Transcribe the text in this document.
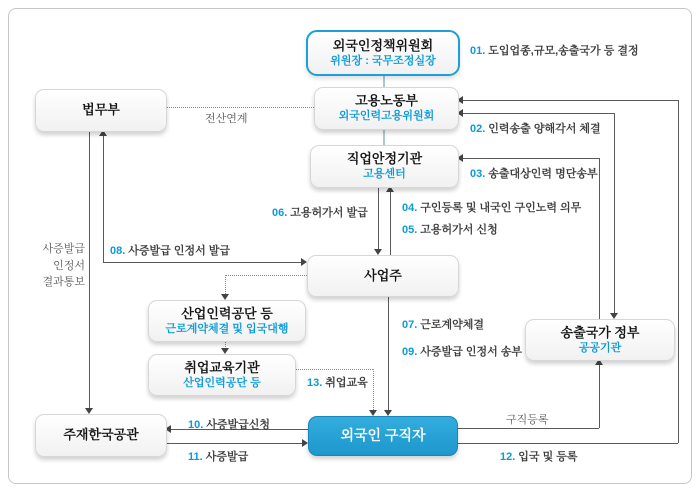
외국인정책위원회
위원장 : 국무조정실장
고용노동부
외국인력고용위원회
법무부
직업안정기관
고용센터
사업주
산업인력공단 등
근로계약체결 및 입국대행
취업교육기관
산업인력공단 등
주재한국공관	외국인 구직자
송출국가 정부
공공기관
01. 도입업종,규모,송출국가 등 결정
02. 인력송출 양해각서 체결
03. 송출대상인력 명단송부
04. 구인등록 및 내국인 구인노력 의무
05. 고용허가서 신청
06. 고용허가서 발급
07. 근로계약체결
08. 사증발급 인정서 발급
09. 사증발급 인정서 송부
10. 사증발급신청
11. 사증발급	12. 입국 및 등록
13. 취업교육
전산연계
구직등록
사증발급
인정서
결과통보
